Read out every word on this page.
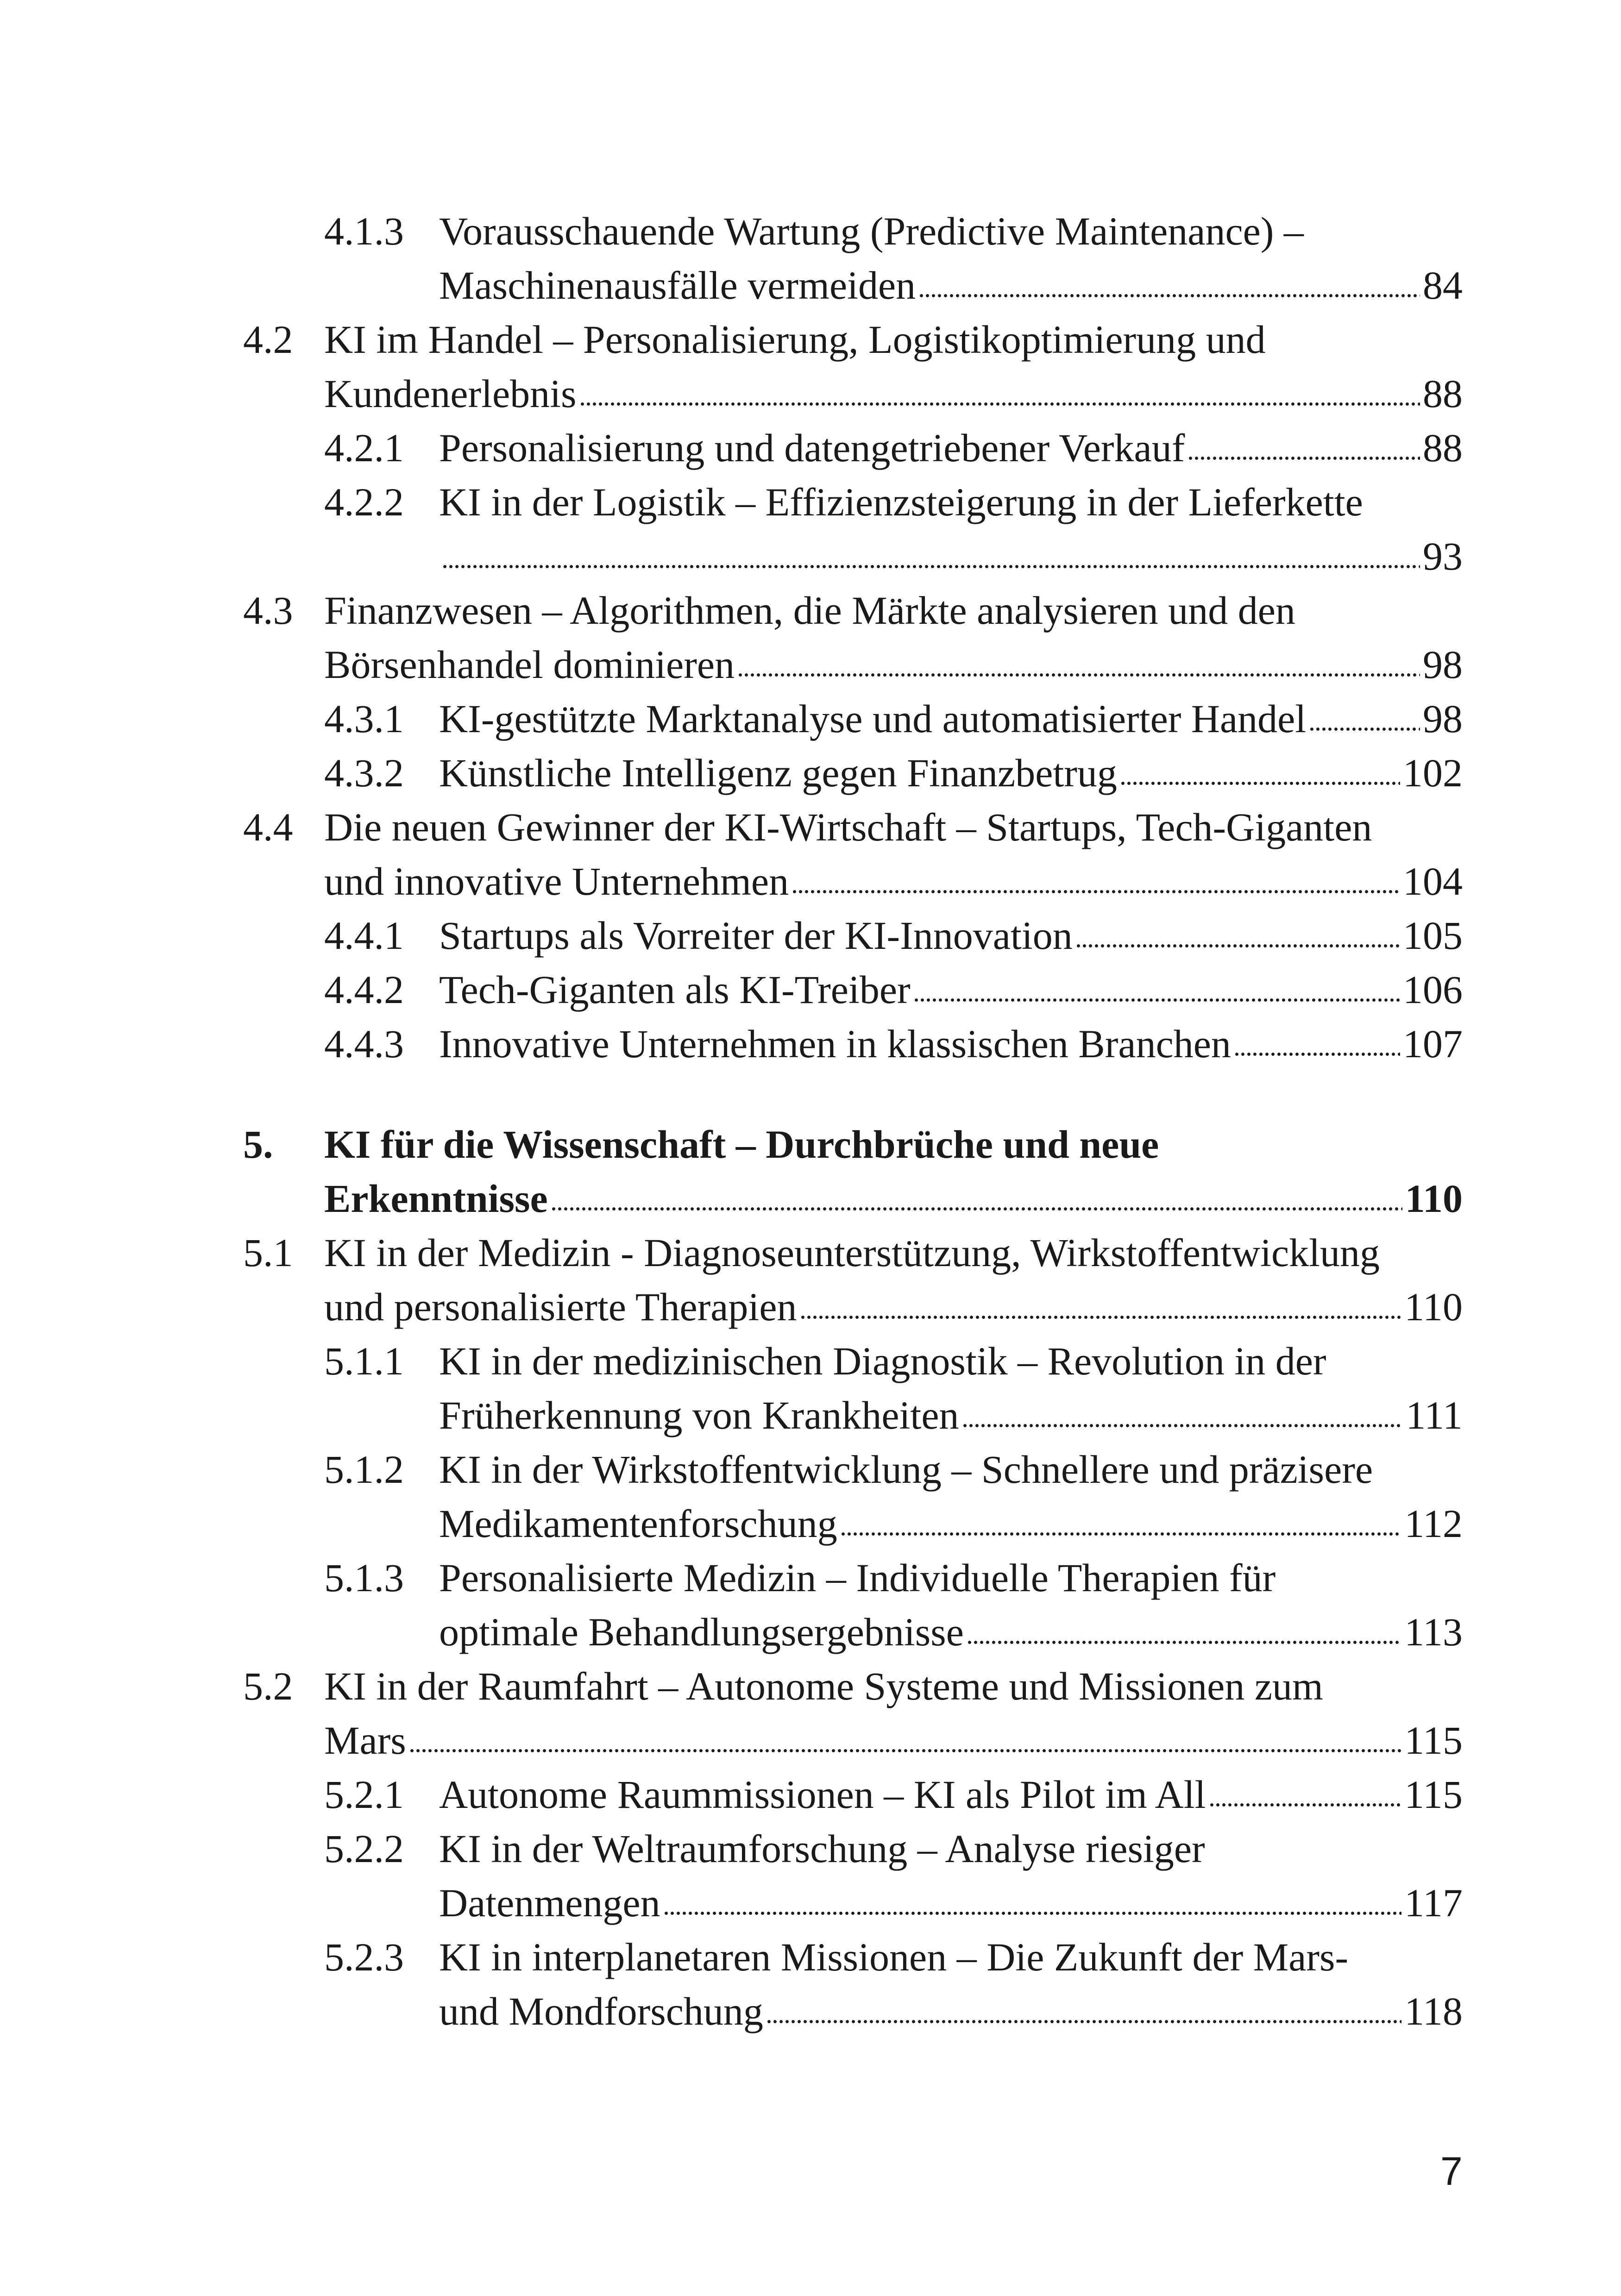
4.1.3 Vorausschauende Wartung (Predictive Maintenance) –
Maschinenausfälle vermeiden	84
4.2 KI im Handel – Personalisierung, Logistikoptimierung und
Kundenerlebnis	88
4.2.1 Personalisierung und datengetriebener Verkauf	88
4.2.2 KI in der Logistik – Effizienzsteigerung in der Lieferkette
93
4.3 Finanzwesen – Algorithmen, die Märkte analysieren und den
Börsenhandel dominieren	98
4.3.1 KI-gestützte Marktanalyse und automatisierter Handel	98
4.3.2 Künstliche Intelligenz gegen Finanzbetrug	102
4.4 Die neuen Gewinner der KI-Wirtschaft – Startups, Tech-Giganten
und innovative Unternehmen	104
4.4.1 Startups als Vorreiter der KI-Innovation	105
4.4.2 Tech-Giganten als KI-Treiber	106
4.4.3 Innovative Unternehmen in klassischen Branchen	107
5. KI für die Wissenschaft – Durchbrüche und neue
Erkenntnisse	110
5.1 KI in der Medizin - Diagnoseunterstützung, Wirkstoffentwicklung
und personalisierte Therapien	110
5.1.1 KI in der medizinischen Diagnostik – Revolution in der
Früherkennung von Krankheiten	111
5.1.2 KI in der Wirkstoffentwicklung – Schnellere und präzisere
Medikamentenforschung	112
5.1.3 Personalisierte Medizin – Individuelle Therapien für
optimale Behandlungsergebnisse	113
5.2 KI in der Raumfahrt – Autonome Systeme und Missionen zum
Mars	115
5.2.1 Autonome Raummissionen – KI als Pilot im All	115
5.2.2 KI in der Weltraumforschung – Analyse riesiger
Datenmengen	117
5.2.3 KI in interplanetaren Missionen – Die Zukunft der Mars-
und Mondforschung	118
7
